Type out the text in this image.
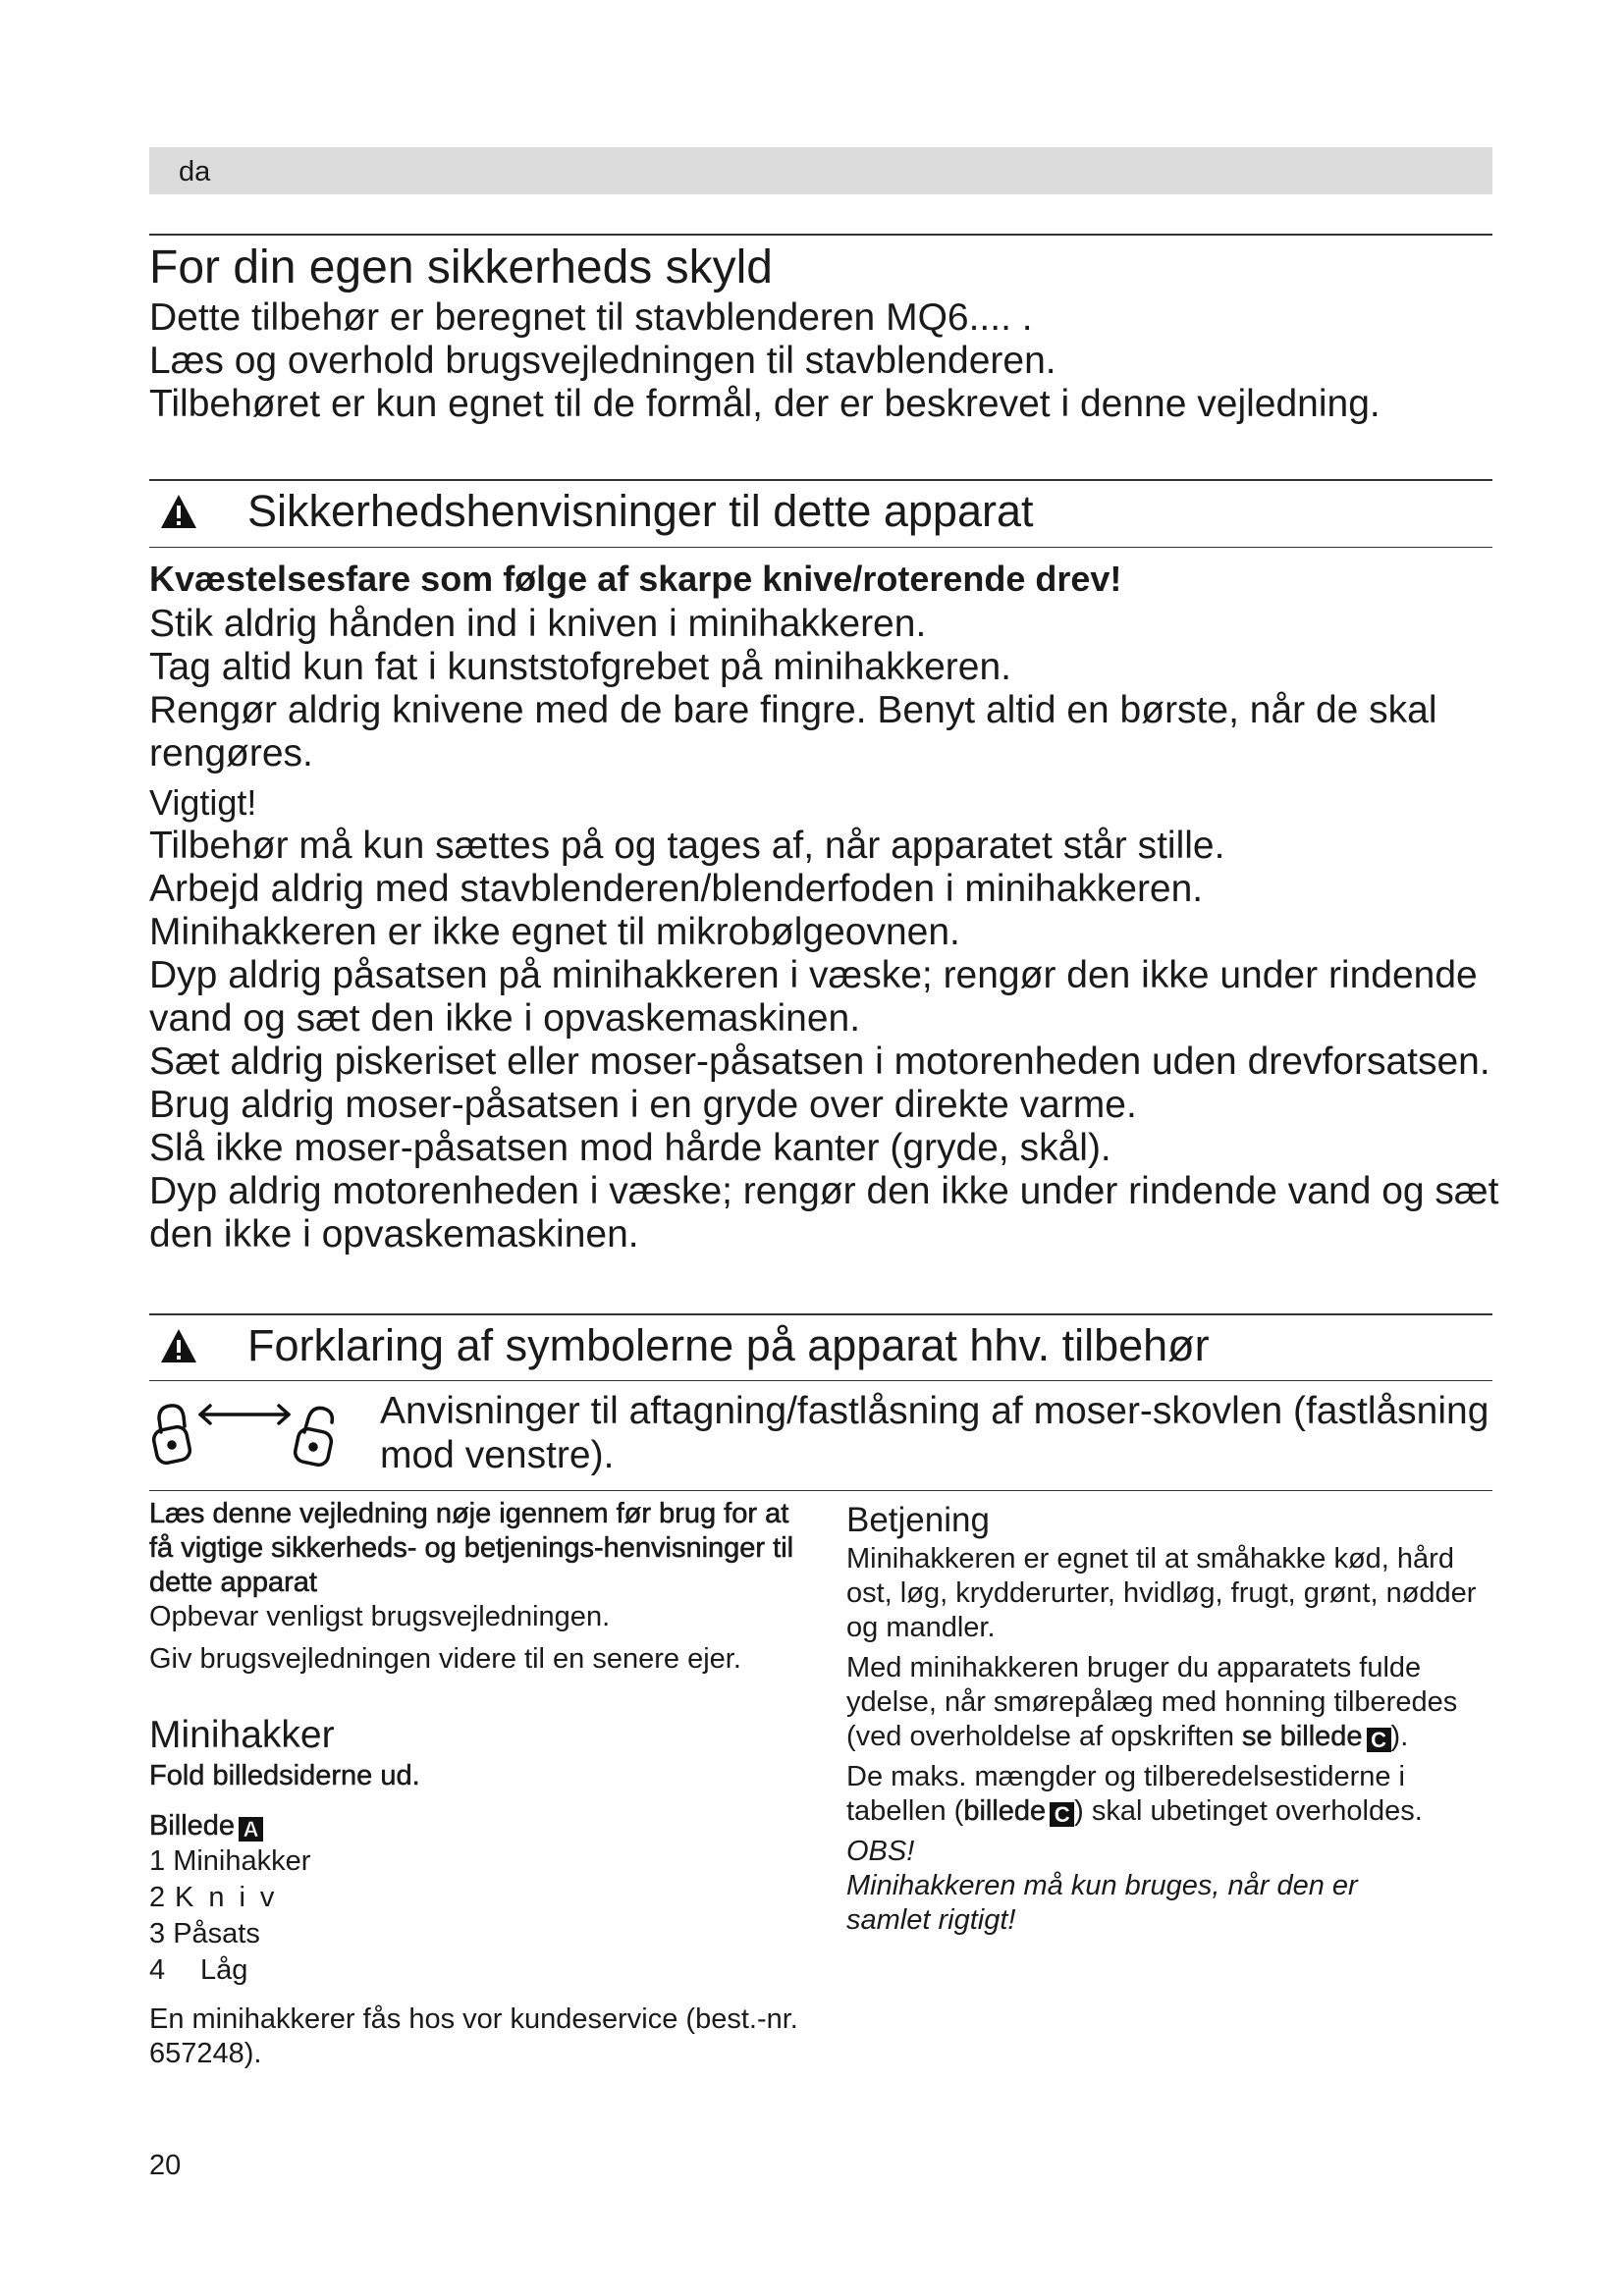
da
For din egen sikkerheds skyld

Dette tilbehør er beregnet til stavblenderen MQ6.... .

Læs og overhold brugsvejledningen til stavblenderen.

Tilbehøret er kun egnet til de formål, der er beskrevet i denne vejledning.

Sikkerhedshenvisninger til dette apparat
Kvæstelsesfare som følge af skarpe knive/roterende drev!

Stik aldrig hånden ind i kniven i minihakkeren.

Tag altid kun fat i kunststofgrebet på minihakkeren.

Rengør aldrig knivene med de bare fingre. Benyt altid en børste, når de skal rengøres.

Vigtigt!

Tilbehør må kun sættes på og tages af, når apparatet står stille.

Arbejd aldrig med stavblenderen/blenderfoden i minihakkeren.

Minihakkeren er ikke egnet til mikrobølgeovnen.

Dyp aldrig påsatsen på minihakkeren i væske; rengør den ikke under rindende vand og sæt den ikke i opvaskemaskinen.

Sæt aldrig piskeriset eller moser-påsatsen i motorenheden uden drevforsatsen.

Brug aldrig moser-påsatsen i en gryde over direkte varme.

Slå ikke moser-påsatsen mod hårde kanter (gryde, skål).

Dyp aldrig motorenheden i væske; rengør den ikke under rindende vand og sæt den ikke i opvaskemaskinen.

Forklaring af symbolerne på apparat hhv. tilbehør
Anvisninger til aftagning/fastlåsning af moser-skovlen (fastlåsning mod venstre).

Læs denne vejledning nøje igennem før brug for at få vigtige sikkerheds- og betjenings-henvisninger til dette apparat

Opbevar venligst brugsvejledningen.

Giv brugsvejledningen videre til en senere ejer.

Minihakker

Fold billedsiderne ud.

Billede A

1
Minihakker
2 Kniv
3
Påsats
4	Låg

En minihakkerer fås hos vor kundeservice (best.-nr. 657248).

Betjening

Minihakkeren er egnet til at småhakke kød, hård ost, løg, krydderurter, hvidløg, frugt, grønt, nødder og mandler.

Med minihakkeren bruger du apparatets fulde ydelse, når smørepålæg med honning tilberedes (ved overholdelse af opskriften se billede C ).

De maks. mængder og tilberedelsestiderne i tabellen (billede C ) skal ubetinget overholdes.

OBS!

Minihakkeren må kun bruges, når den er samlet rigtigt!

20
